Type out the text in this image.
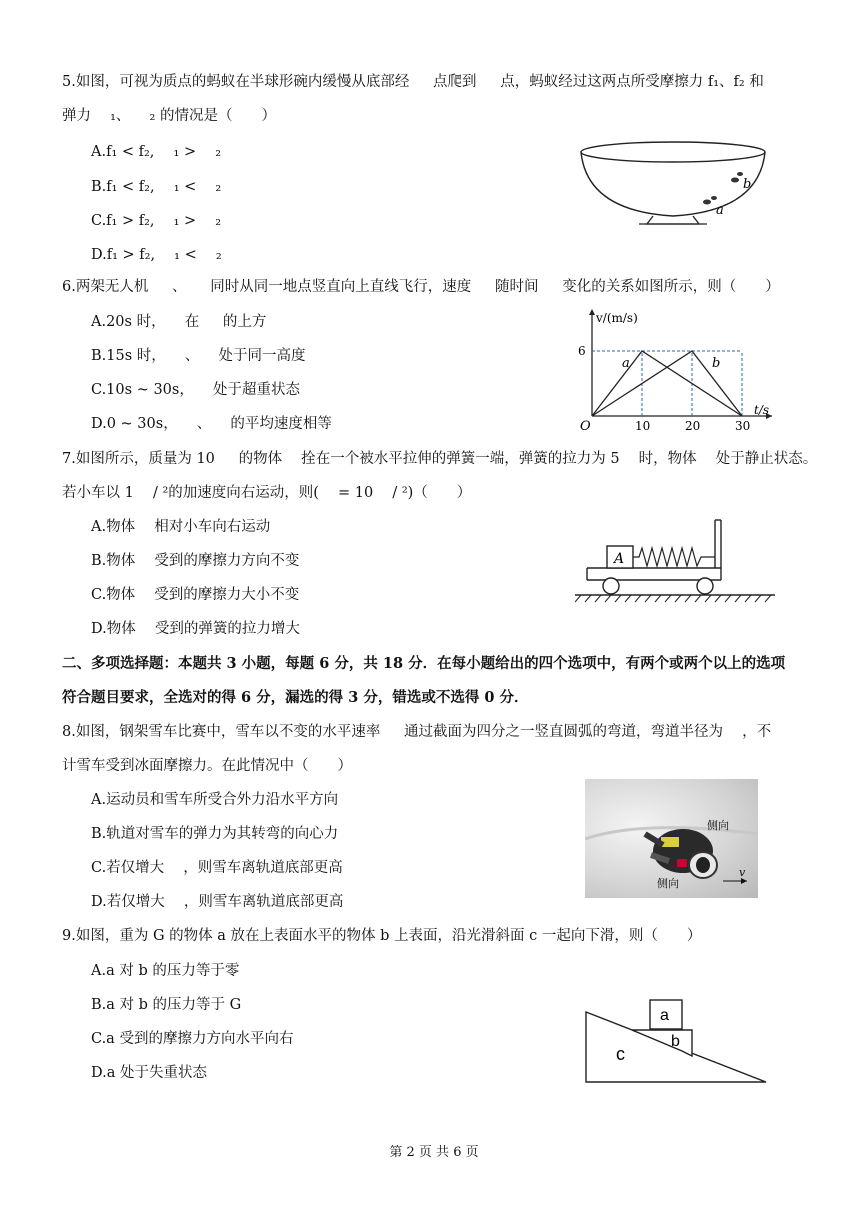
5.如图，可视为质点的蚂蚁在半球形碗内缓慢从底部经 　 点爬到 　 点，蚂蚁经过这两点所受摩擦力 f₁、f₂ 和
弹力 　₁、 　₂ 的情况是（　　）
A.f₁ < f₂, 　₁ > 　₂
B.f₁ < f₂, 　₁ < 　₂
C.f₁ > f₂, 　₁ > 　₂
D.f₁ > f₂, 　₁ < 　₂
a
b
6.两架无人机 　 、 　 同时从同一地点竖直向上直线飞行，速度 　 随时间 　 变化的关系如图所示，则（　　）
A.20s 时， 　在 　 的上方
B.15s 时， 　、 　处于同一高度
C.10s ~ 30s， 　处于超重状态
D.0 ~ 30s， 　、 　的平均速度相等
v/(m/s)
t/s
O
6
10	20	30
a	b
7.如图所示，质量为 10 　 的物体 　拴在一个被水平拉伸的弹簧一端，弹簧的拉力为 5 　时，物体 　处于静止状态。
若小车以 1 　/ ²的加速度向右运动，则( 　= 10 　/ ²)（　　）
A.物体 　相对小车向右运动
B.物体 　受到的摩擦力方向不变
C.物体 　受到的摩擦力大小不变
D.物体 　受到的弹簧的拉力增大
A
二、多项选择题：本题共 3 小题，每题 6 分，共 18 分．在每小题给出的四个选项中，有两个或两个以上的选项
符合题目要求，全选对的得 6 分，漏选的得 3 分，错选或不选得 0 分．
8.如图，钢架雪车比赛中，雪车以不变的水平速率 　 通过截面为四分之一竖直圆弧的弯道，弯道半径为 　，不
计雪车受到冰面摩擦力。在此情况中（　　）
A.运动员和雪车所受合外力沿水平方向
B.轨道对雪车的弹力为其转弯的向心力
C.若仅增大 　，则雪车离轨道底部更高
D.若仅增大 　，则雪车离轨道底部更高
侧向
侧向
v
9.如图，重为 G 的物体 a 放在上表面水平的物体 b 上表面，沿光滑斜面 c 一起向下滑，则（　　）
A.a 对 b 的压力等于零
B.a 对 b 的压力等于 G
C.a 受到的摩擦力方向水平向右
D.a 处于失重状态
a
b
c
第 2 页 共 6 页
